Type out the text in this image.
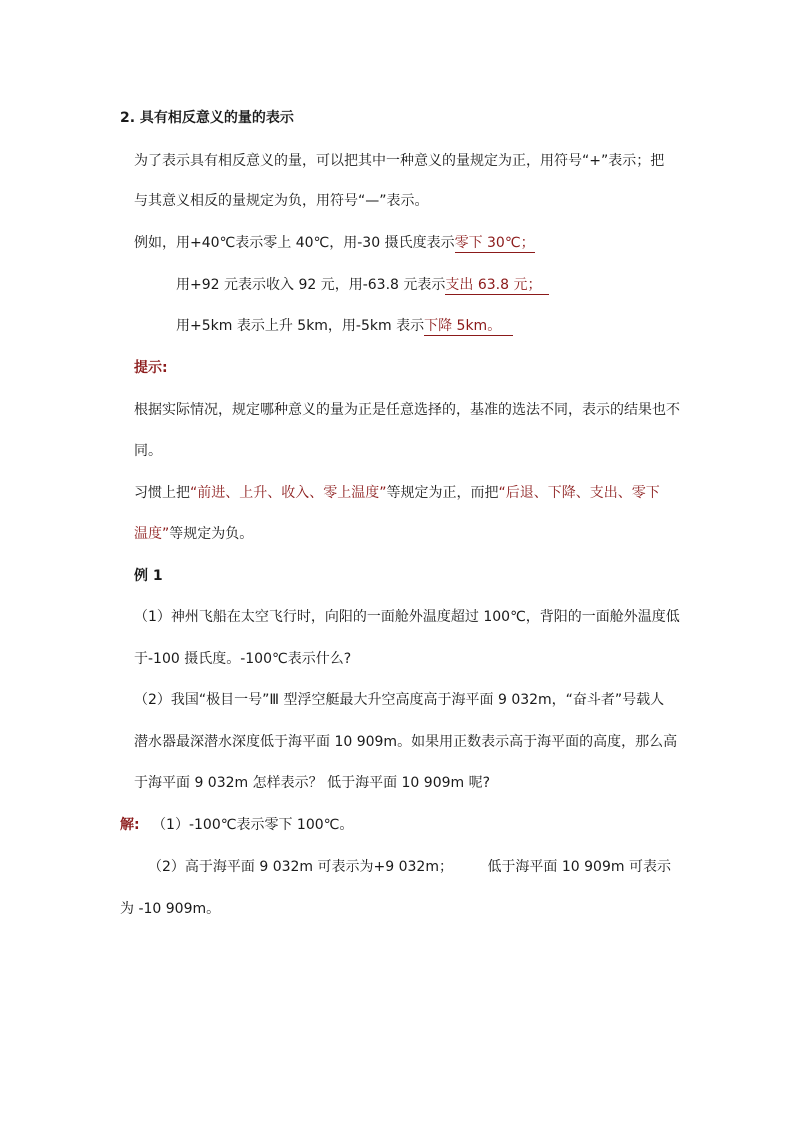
2. 具有相反意义的量的表示
为了表示具有相反意义的量，可以把其中一种意义的量规定为正，用符号“+”表示；把
与其意义相反的量规定为负，用符号“—”表示。
例如，用+40℃表示零上 40℃，用-30 摄氏度表示零下 30℃；
用+92 元表示收入 92 元，用-63.8 元表示支出 63.8 元；
用+5km 表示上升 5km，用-5km 表示下降 5km。
提示:
根据实际情况，规定哪种意义的量为正是任意选择的，基准的选法不同，表示的结果也不
同。
习惯上把“前进、上升、收入、零上温度”等规定为正，而把“后退、下降、支出、零下
温度”等规定为负。
例 1
（1）神州飞船在太空飞行时，向阳的一面舱外温度超过 100℃，背阳的一面舱外温度低
于-100 摄氏度。-100℃表示什么?
（2）我国“极目一号”Ⅲ 型浮空艇最大升空高度高于海平面 9 032m，“奋斗者”号载人
潜水器最深潜水深度低于海平面 10 909m。如果用正数表示高于海平面的高度，那么高
于海平面 9 032m 怎样表示？ 低于海平面 10 909m 呢?
解: （1）-100℃表示零下 100℃。
（2）高于海平面 9 032m 可表示为+9 032m； 低于海平面 10 909m 可表示
为 -10 909m。
